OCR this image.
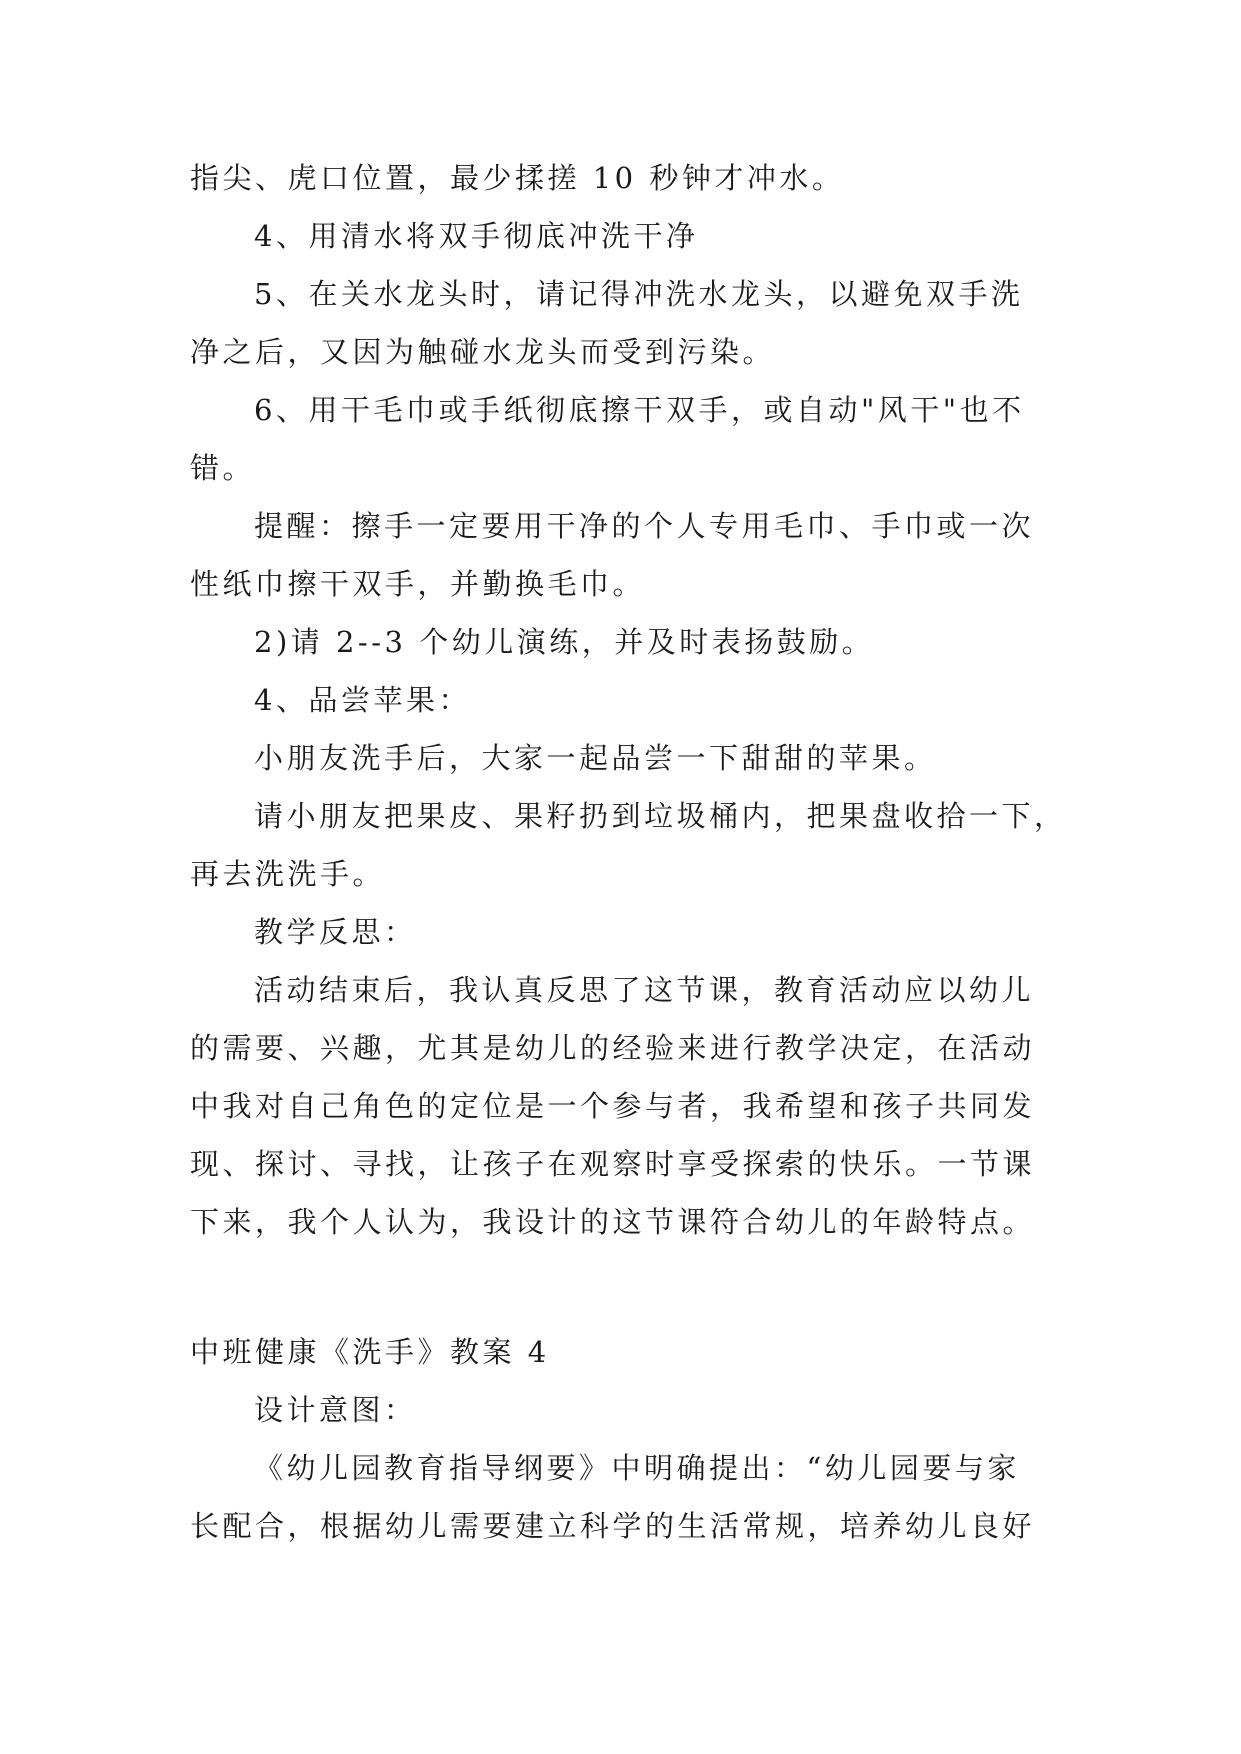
指尖、虎口位置，最少揉搓 10 秒钟才冲水。
4、用清水将双手彻底冲洗干净
5、在关水龙头时，请记得冲洗水龙头，以避免双手洗
净之后，又因为触碰水龙头而受到污染。
6、用干毛巾或手纸彻底擦干双手，或自动"风干"也不
错。
提醒：擦手一定要用干净的个人专用毛巾、手巾或一次
性纸巾擦干双手，并勤换毛巾。
2)请 2--3 个幼儿演练，并及时表扬鼓励。
4、品尝苹果：
小朋友洗手后，大家一起品尝一下甜甜的苹果。
请小朋友把果皮、果籽扔到垃圾桶内，把果盘收拾一下，
再去洗洗手。
教学反思：
活动结束后，我认真反思了这节课，教育活动应以幼儿
的需要、兴趣，尤其是幼儿的经验来进行教学决定，在活动
中我对自己角色的定位是一个参与者，我希望和孩子共同发
现、探讨、寻找，让孩子在观察时享受探索的快乐。一节课
下来，我个人认为，我设计的这节课符合幼儿的年龄特点。
中班健康《洗手》教案 4
设计意图：
《幼儿园教育指导纲要》中明确提出：“幼儿园要与家
长配合，根据幼儿需要建立科学的生活常规，培养幼儿良好
